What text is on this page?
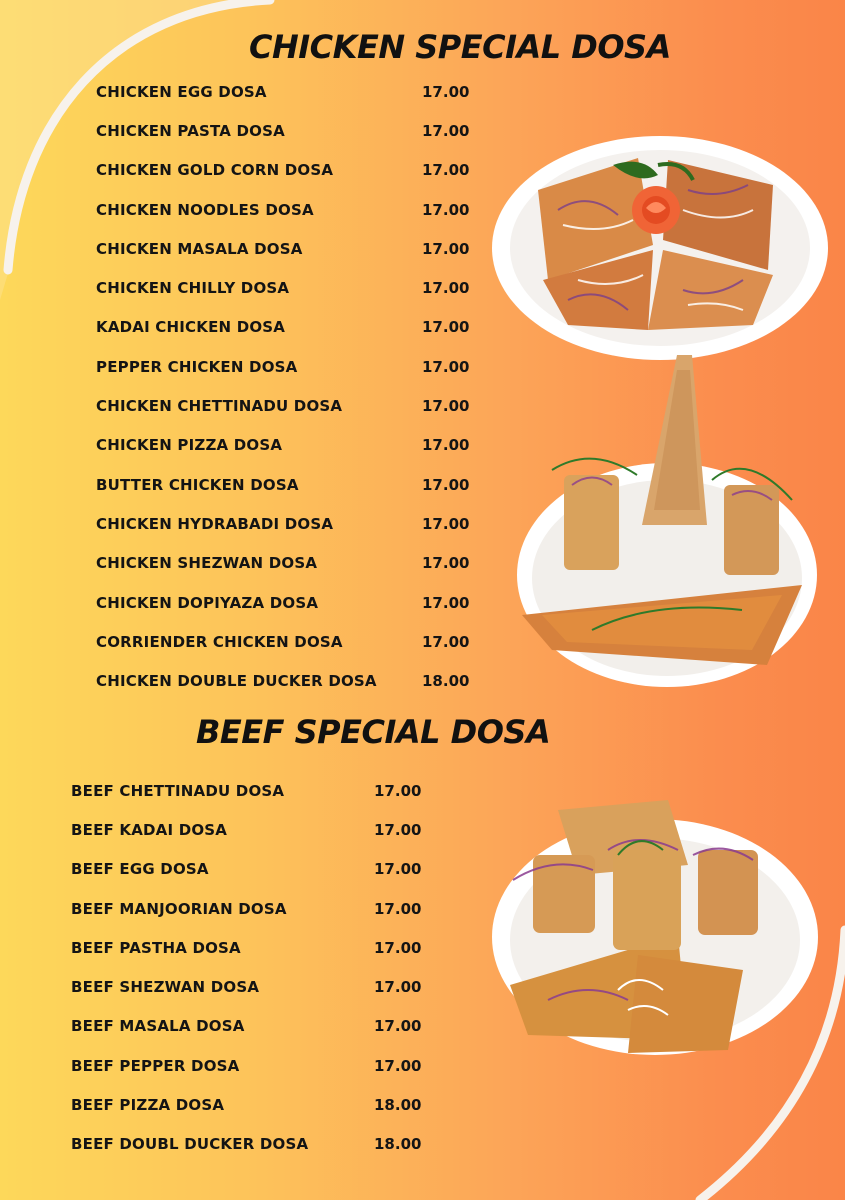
CHICKEN SPECIAL DOSA
CHICKEN EGG DOSA	17.00
CHICKEN PASTA DOSA	17.00
CHICKEN GOLD CORN DOSA	17.00
CHICKEN NOODLES DOSA	17.00
CHICKEN MASALA DOSA	17.00
CHICKEN CHILLY DOSA	17.00
KADAI CHICKEN DOSA	17.00
PEPPER CHICKEN DOSA	17.00
CHICKEN CHETTINADU DOSA	17.00
CHICKEN PIZZA DOSA	17.00
BUTTER CHICKEN DOSA	17.00
CHICKEN HYDRABADI DOSA	17.00
CHICKEN SHEZWAN DOSA	17.00
CHICKEN DOPIYAZA DOSA	17.00
CORRIENDER CHICKEN DOSA	17.00
CHICKEN DOUBLE DUCKER DOSA	18.00
BEEF SPECIAL DOSA
BEEF CHETTINADU DOSA	17.00
BEEF KADAI DOSA	17.00
BEEF EGG DOSA	17.00
BEEF MANJOORIAN DOSA	17.00
BEEF PASTHA DOSA	17.00
BEEF SHEZWAN DOSA	17.00
BEEF MASALA DOSA	17.00
BEEF PEPPER DOSA	17.00
BEEF PIZZA DOSA	18.00
BEEF DOUBL DUCKER DOSA	18.00
